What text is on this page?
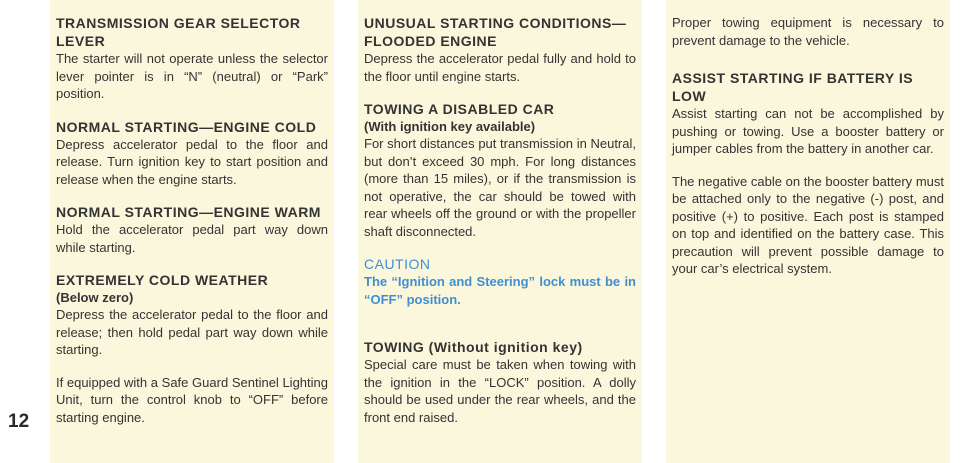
TRANSMISSION GEAR SELECTOR LEVER

The starter will not operate unless the selector lever pointer is in “N” (neutral) or “Park” position.

NORMAL STARTING—ENGINE COLD

Depress accelerator pedal to the floor and release. Turn ignition key to start position and release when the engine starts.

NORMAL STARTING—ENGINE WARM

Hold the accelerator pedal part way down while starting.

EXTREMELY COLD WEATHER
(Below zero)

Depress the accelerator pedal to the floor and release; then hold pedal part way down while starting.

If equipped with a Safe Guard Sentinel Lighting Unit, turn the control knob to “OFF” before starting engine.

UNUSUAL STARTING CONDITIONS—FLOODED ENGINE

Depress the accelerator pedal fully and hold to the floor until engine starts.

TOWING A DISABLED CAR
(With ignition key available)

For short distances put transmission in Neutral, but don’t exceed 30 mph. For long distances (more than 15 miles), or if the transmission is not operative, the car should be towed with rear wheels off the ground or with the propeller shaft disconnected.

CAUTION

The “Ignition and Steering” lock must be in “OFF” position.

TOWING (Without ignition key)

Special care must be taken when towing with the ignition in the “LOCK” position. A dolly should be used under the rear wheels, and the front end raised.

Proper towing equipment is necessary to prevent damage to the vehicle.

ASSIST STARTING IF BATTERY IS LOW

Assist starting can not be accomplished by pushing or towing. Use a booster battery or jumper cables from the battery in another car.

The negative cable on the booster battery must be attached only to the negative (-) post, and positive (+) to positive. Each post is stamped on top and identified on the battery case. This precaution will prevent possible damage to your car’s electrical system.

12
